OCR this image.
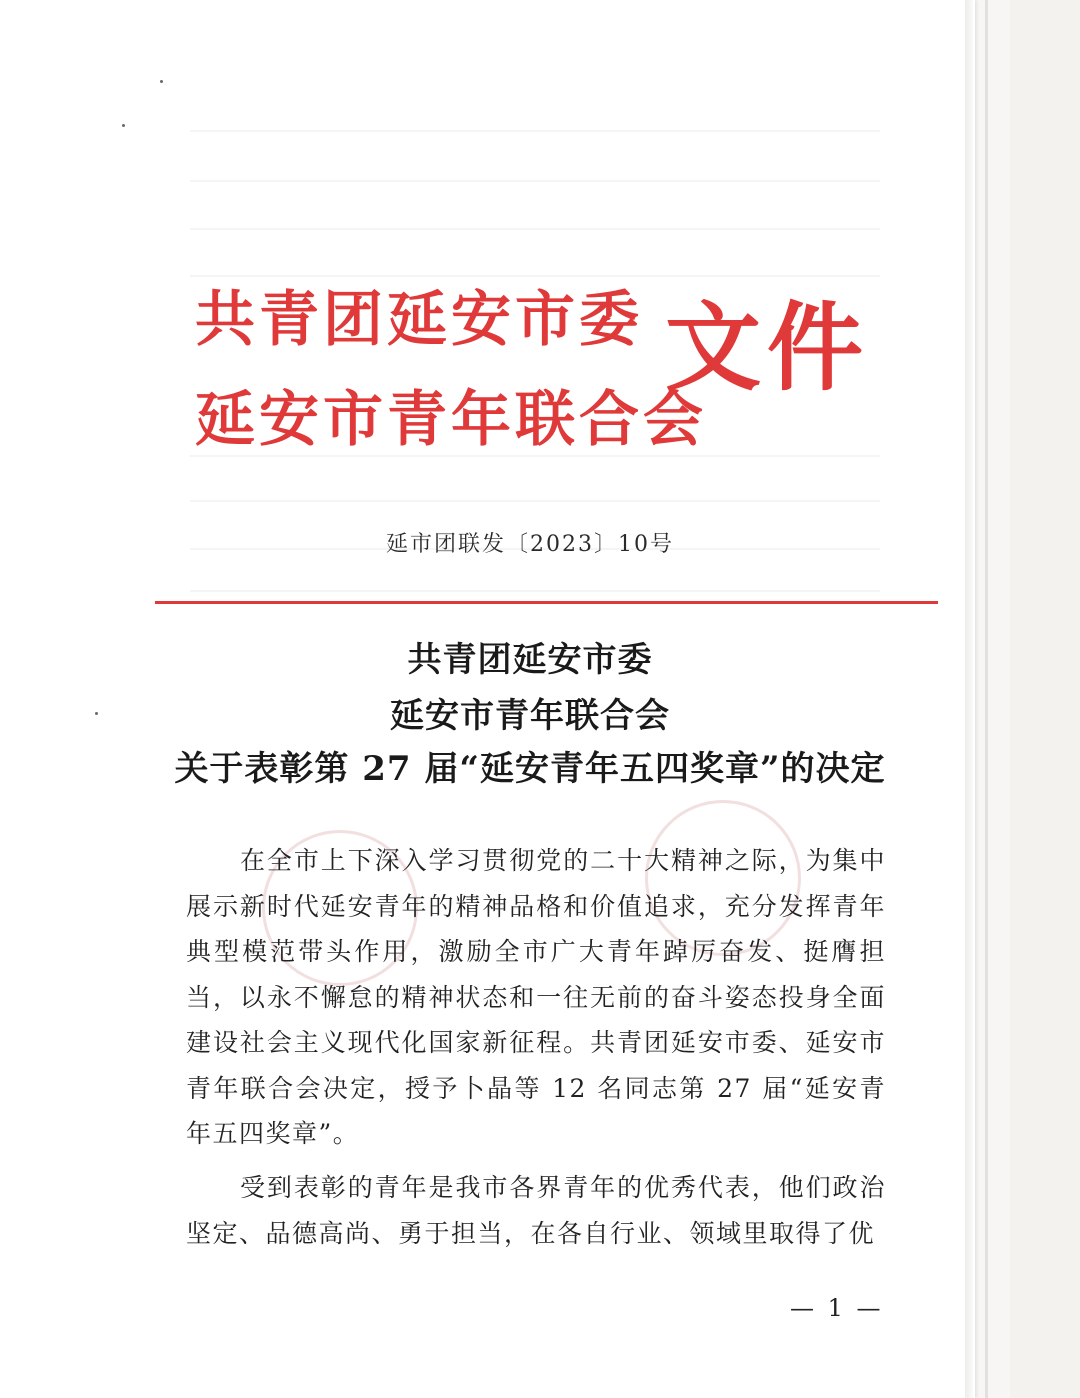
共青团延安市委
延安市青年联合会
文件
延市团联发〔2023〕10号
共青团延安市委
延安市青年联合会
关于表彰第 27 届“延安青年五四奖章”的决定
在全市上下深入学习贯彻党的二十大精神之际，为集中展示新时代延安青年的精神品格和价值追求，充分发挥青年典型模范带头作用，激励全市广大青年踔厉奋发、挺膺担当，以永不懈怠的精神状态和一往无前的奋斗姿态投身全面建设社会主义现代化国家新征程。共青团延安市委、延安市青年联合会决定，授予卜晶等 12 名同志第 27 届“延安青年五四奖章”。
受到表彰的青年是我市各界青年的优秀代表，他们政治坚定、品德高尚、勇于担当，在各自行业、领域里取得了优
— 1 —
